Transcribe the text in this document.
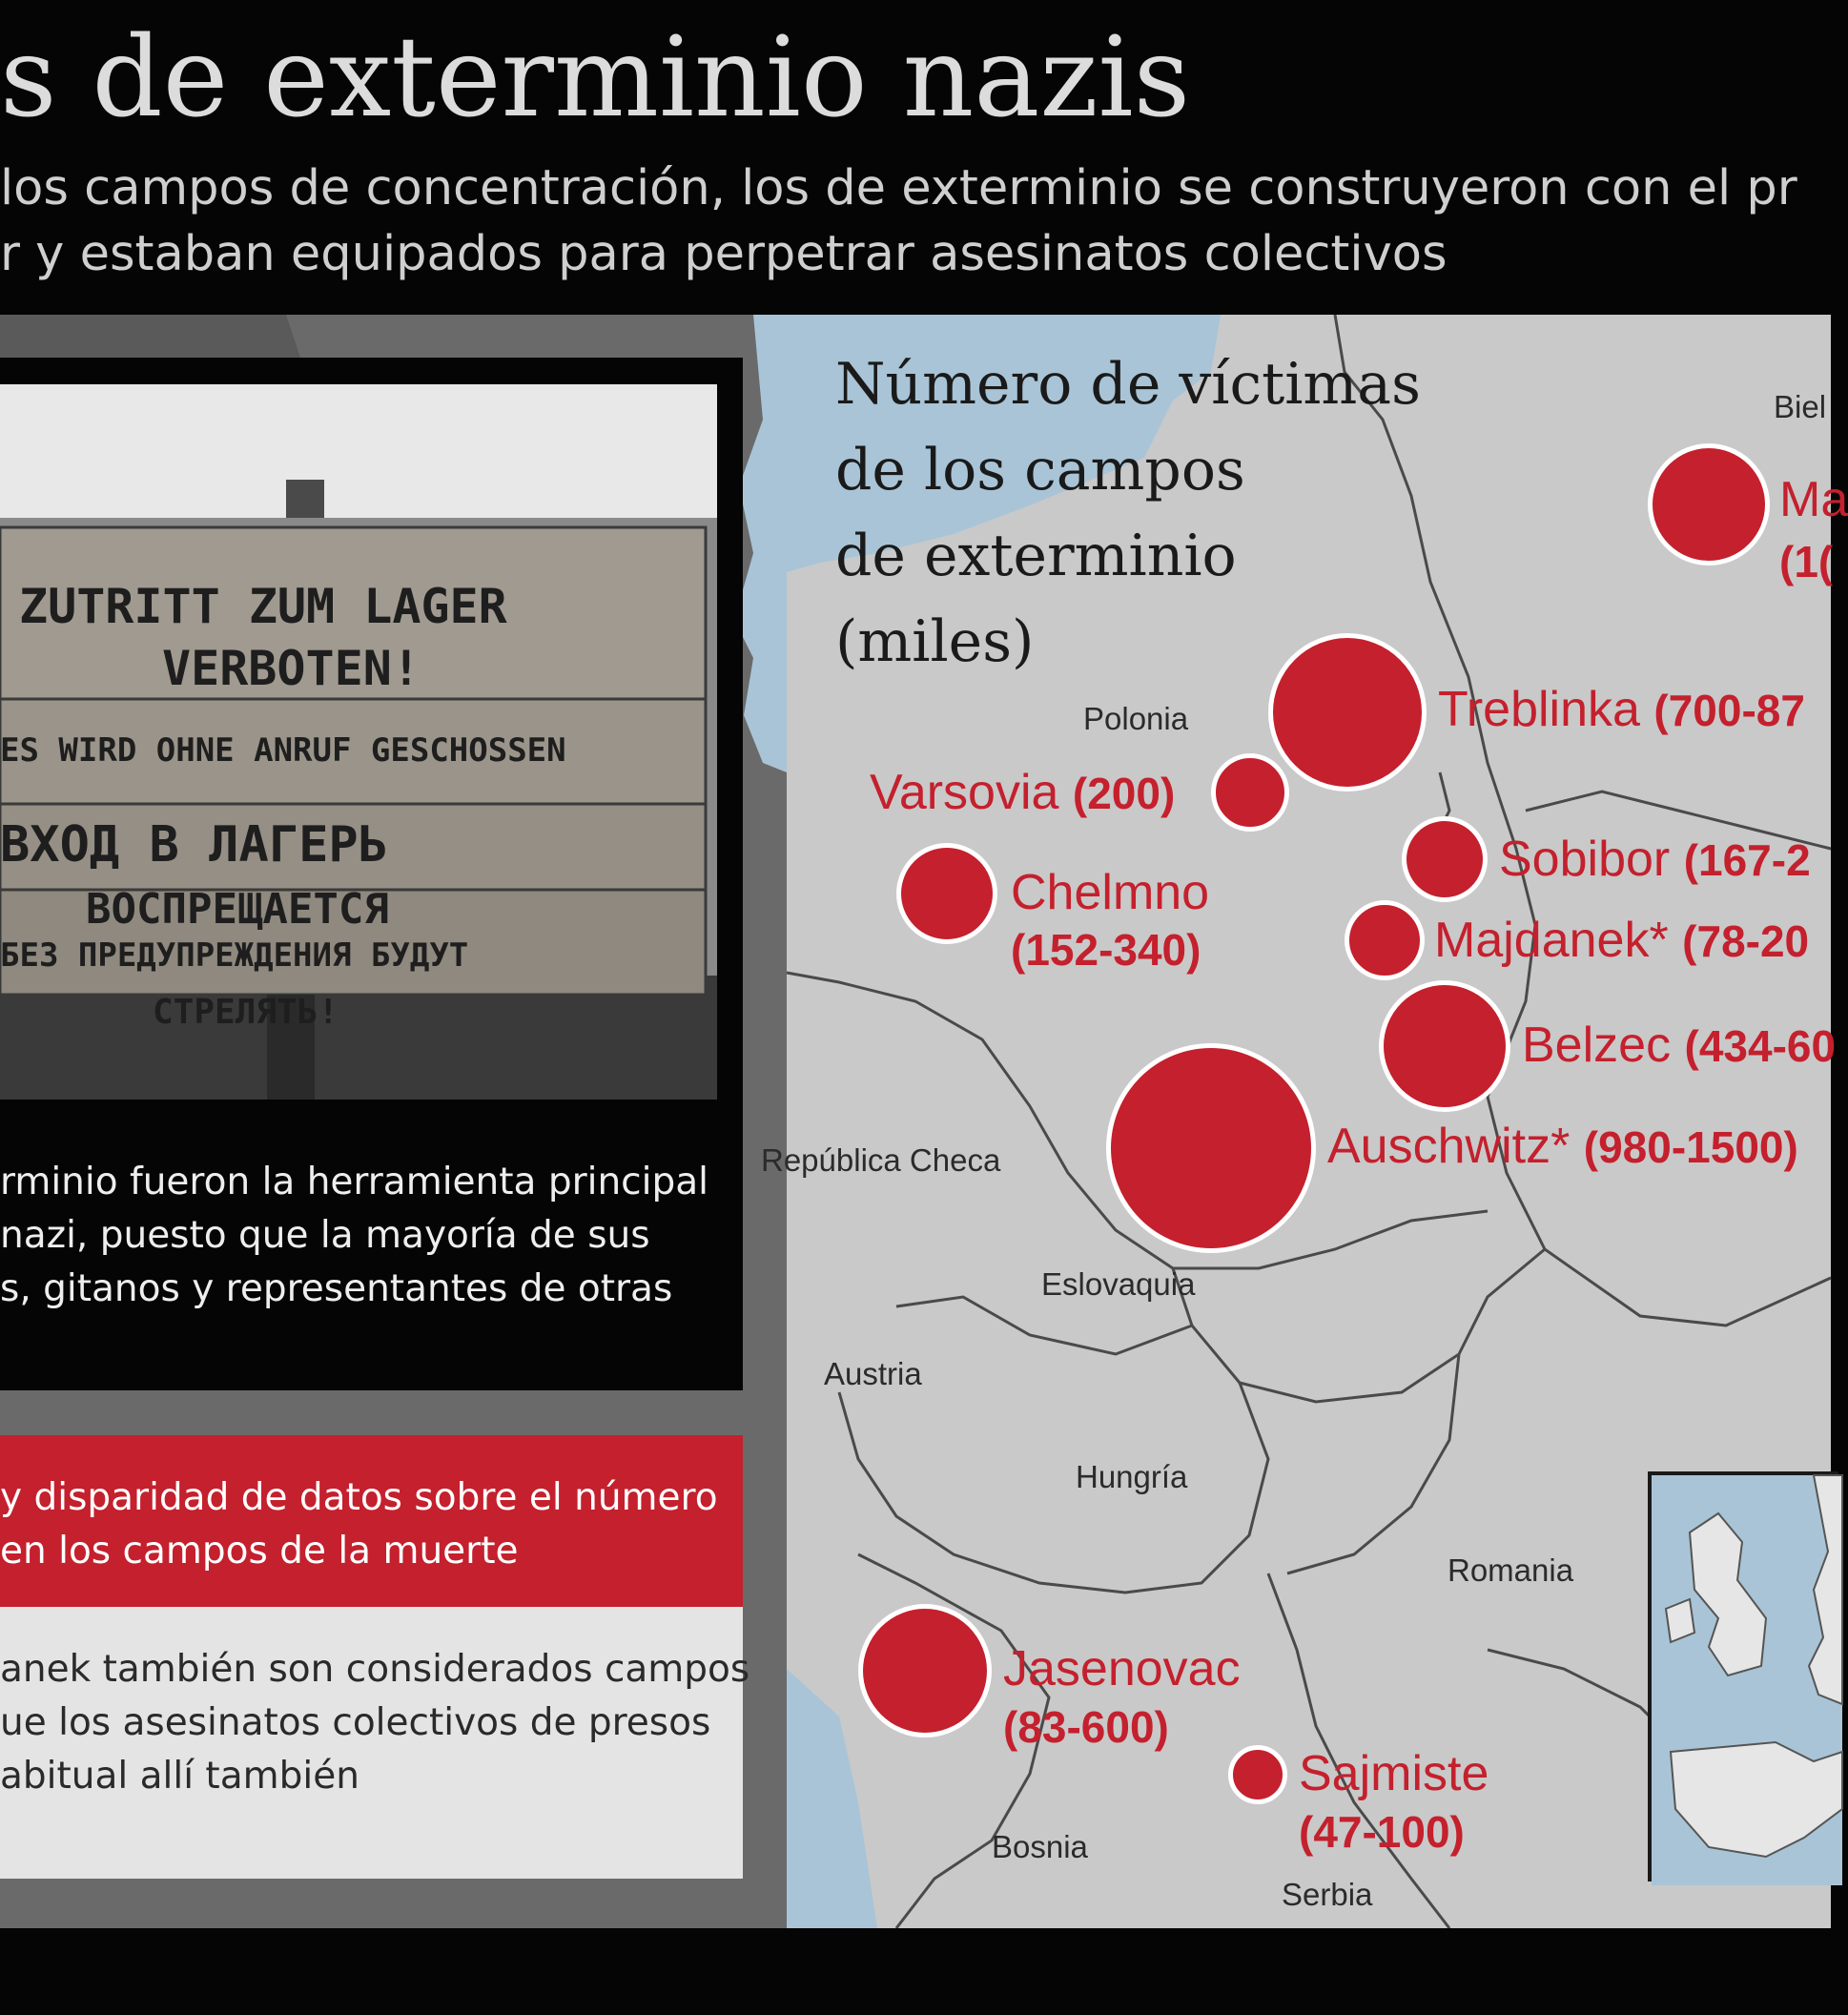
s de exterminio nazis
los campos de concentración, los de exterminio se construyeron con el pr
r y estaban equipados para perpetrar asesinatos colectivos
ZUTRITT ZUM LAGER
VERBOTEN!
ES WIRD OHNE ANRUF GESCHOSSEN
ВХОД В ЛАГЕРЬ
ВОСПРЕЩАЕТСЯ
БЕЗ ПРЕДУПРЕЖДЕНИЯ БУДУТ
СТРЕЛЯТЬ!
rminio fueron la herramienta principal
nazi, puesto que la mayoría de sus
s, gitanos y representantes de otras
y disparidad de datos sobre el número
en los campos de la muerte
anek también son considerados campos
ue los asesinatos colectivos de presos
abitual allí también
Número de víctimas
de los campos
de exterminio
(miles)
Biel
Polonia
República Checa
Eslovaquia
Austria
Hungría
Romania
Bosnia
Serbia
Ma
(1(
Treblinka (700-87
Varsovia (200)
Sobibor (167-2
Chelmno
(152-340)	Majdanek* (78-20
Belzec (434-60
Auschwitz* (980-1500)
Jasenovac
(83-600)
Sajmiste
(47-100)
